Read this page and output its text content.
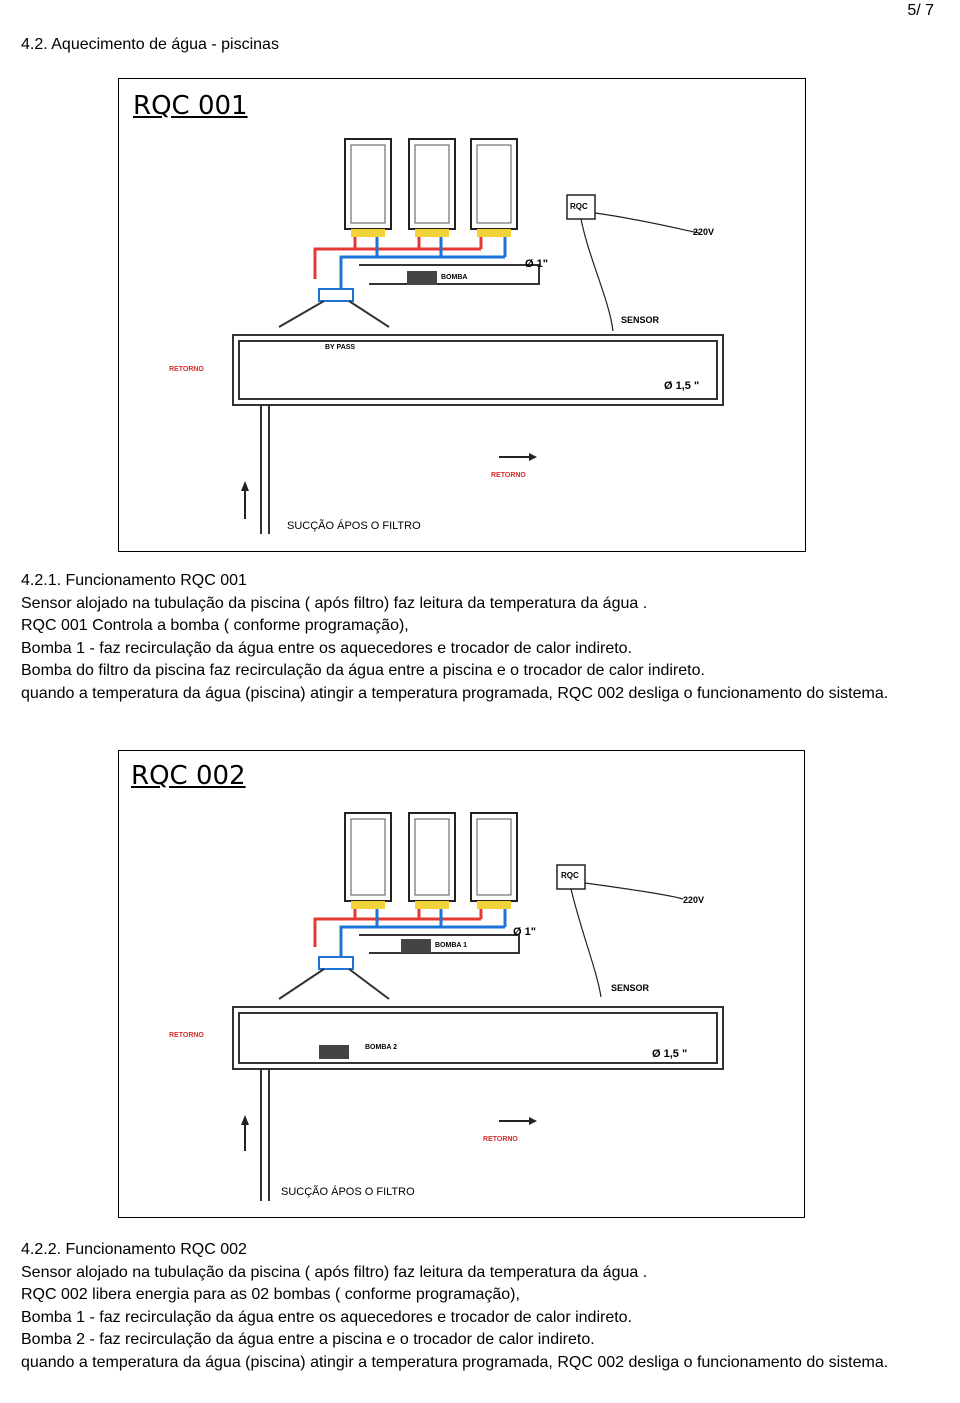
5/ 7
4.2. Aquecimento de água - piscinas
RQC 001
RQC
220V
Ø 1"
BOMBA
SENSOR
BY PASS
RETORNO
Ø 1,5 "
RETORNO
SUCÇÃO ÁPOS O FILTRO

4.2.1. Funcionamento RQC 001

Sensor alojado na tubulação da piscina ( após filtro) faz leitura da temperatura da água .

RQC 001 Controla a bomba ( conforme programação),

Bomba 1 - faz recirculação da água entre os aquecedores e trocador de calor indireto.

Bomba do filtro da piscina faz recirculação da água entre a piscina e o trocador de calor indireto.

quando a temperatura da água (piscina) atingir a temperatura programada, RQC 002 desliga o funcionamento do sistema.

RQC 002
RQC
220V
Ø 1"
BOMBA 1
SENSOR
RETORNO
BOMBA 2
Ø 1,5 "
RETORNO
SUCÇÃO ÁPOS O FILTRO

4.2.2. Funcionamento RQC 002

Sensor alojado na tubulação da piscina ( após filtro) faz leitura da temperatura da água .

RQC 002 libera energia para as 02 bombas ( conforme programação),

Bomba 1 - faz recirculação da água entre os aquecedores e trocador de calor indireto.

Bomba 2 - faz recirculação da água entre a piscina e o trocador de calor indireto.

quando a temperatura da água (piscina) atingir a temperatura programada, RQC 002 desliga o funcionamento do sistema.
